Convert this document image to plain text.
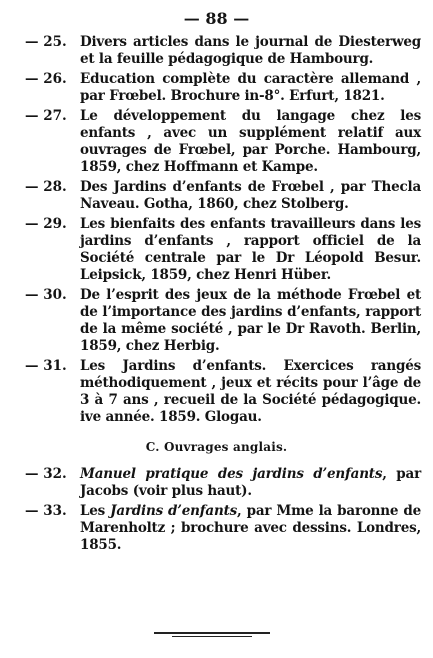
— 88 —
— 25. Divers articles dans le journal de Diesterweg et la feuille pédagogique de Hambourg.
— 26. Education complète du caractère allemand , par Frœbel. Brochure in-8°. Erfurt, 1821.
— 27. Le développement du langage chez les enfants , avec un supplément relatif aux ouvrages de Frœbel, par Porche. Hambourg, 1859, chez Hoffmann et Kampe.
— 28. Des Jardins d’enfants de Frœbel , par Thecla Naveau. Gotha, 1860, chez Stolberg.
— 29. Les bienfaits des enfants travailleurs dans les jardins d’enfants , rapport officiel de la Société centrale par le Dr Léopold Besur. Leipsick, 1859, chez Henri Hüber.
— 30. De l’esprit des jeux de la méthode Frœbel et de l’importance des jardins d’enfants, rapport de la même société , par le Dr Ravoth. Berlin, 1859, chez Herbig.
— 31. Les Jardins d’enfants. Exercices rangés méthodiquement , jeux et récits pour l’âge de 3 à 7 ans , recueil de la Société pédagogique. ive année. 1859. Glogau.
C. Ouvrages anglais.
— 32. Manuel pratique des jardins d’enfants, par Jacobs (voir plus haut).
— 33. Les Jardins d’enfants, par Mme la baronne de Marenholtz ; brochure avec dessins. Londres, 1855.
